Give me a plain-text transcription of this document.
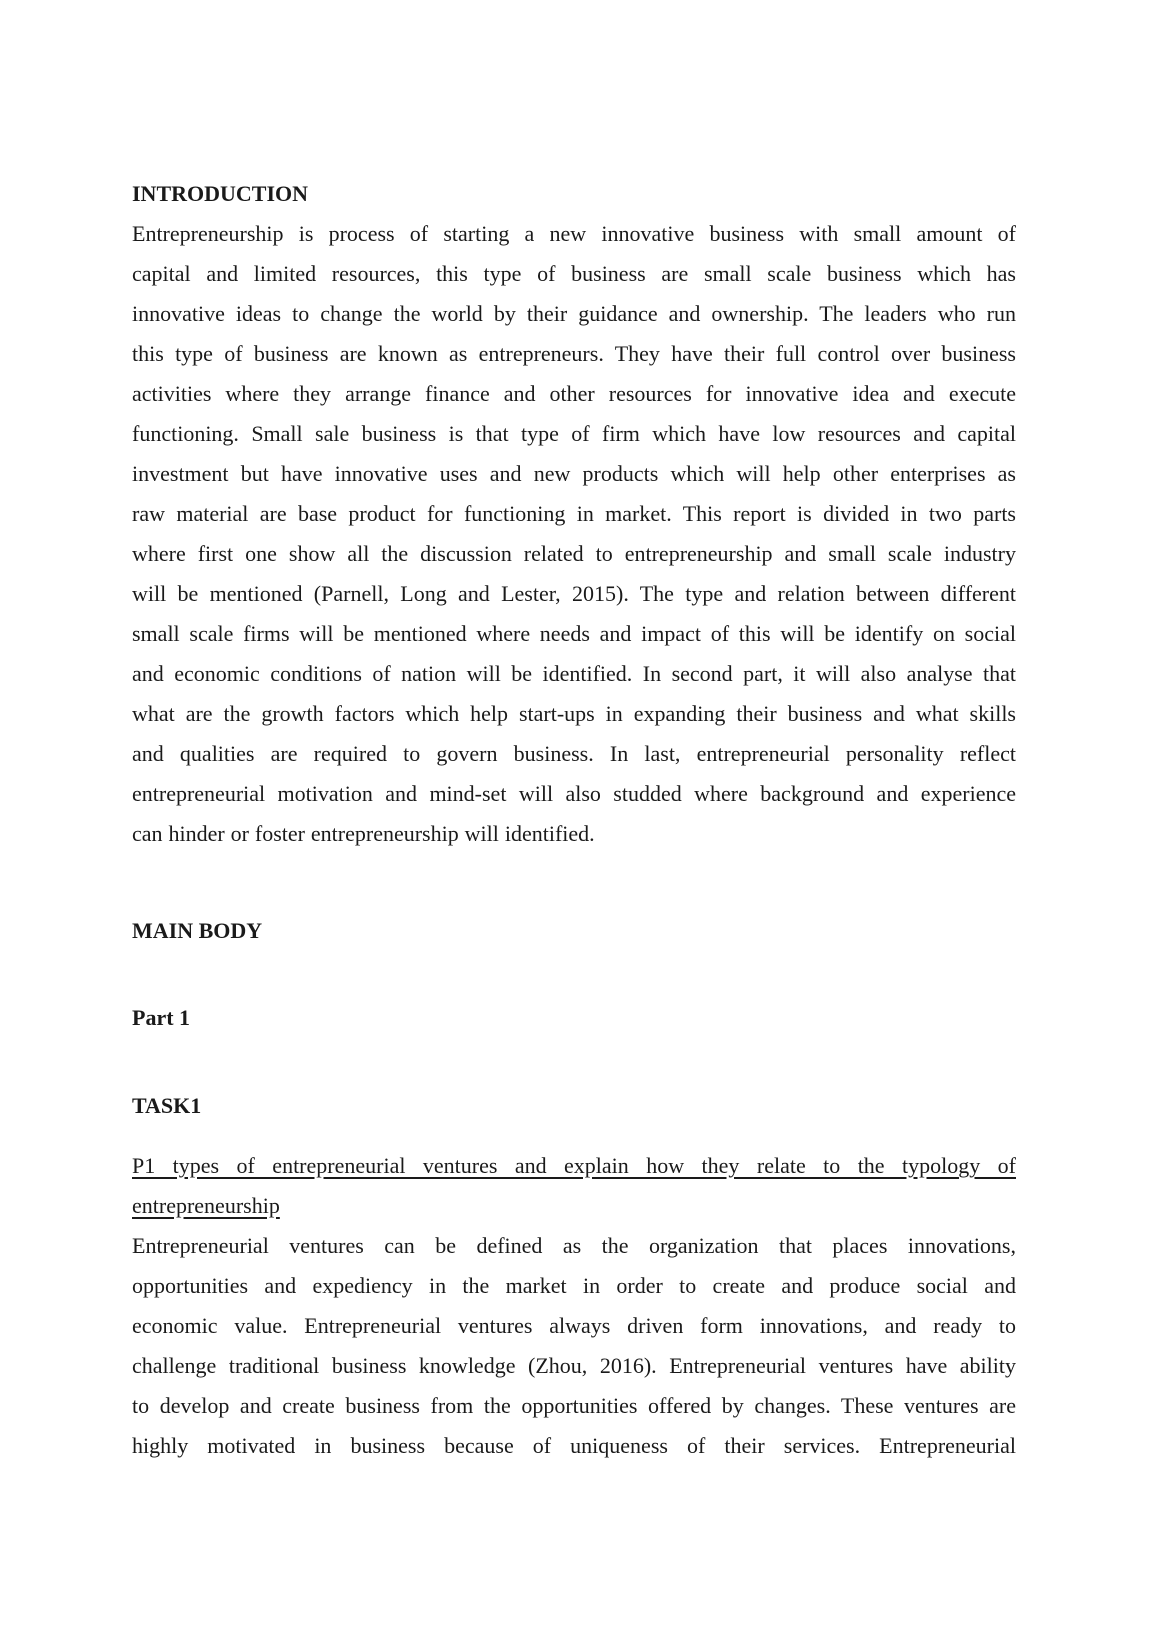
INTRODUCTION
Entrepreneurship is process of starting a new innovative business with small amount of
capital and limited resources, this type of business are small scale business which has
innovative ideas to change the world by their guidance and ownership. The leaders who run
this type of business are known as entrepreneurs. They have their full control over business
activities where they arrange finance and other resources for innovative idea and execute
functioning. Small sale business is that type of firm which have low resources and capital
investment but have innovative uses and new products which will help other enterprises as
raw material are base product for functioning in market. This report is divided in two parts
where first one show all the discussion related to entrepreneurship and small scale industry
will be mentioned (Parnell, Long and Lester, 2015). The type and relation between different
small scale firms will be mentioned where needs and impact of this will be identify on social
and economic conditions of nation will be identified. In second part, it will also analyse that
what are the growth factors which help start-ups in expanding their business and what skills
and qualities are required to govern business. In last, entrepreneurial personality reflect
entrepreneurial motivation and mind-set will also studded where background and experience
can hinder or foster entrepreneurship will identified.
MAIN BODY
Part 1
TASK1
P1 types of entrepreneurial ventures and explain how they relate to the typology of
entrepreneurship
Entrepreneurial ventures can be defined as the organization that places innovations,
opportunities and expediency in the market in order to create and produce social and
economic value. Entrepreneurial ventures always driven form innovations, and ready to
challenge traditional business knowledge (Zhou, 2016). Entrepreneurial ventures have ability
to develop and create business from the opportunities offered by changes. These ventures are
highly motivated in business because of uniqueness of their services. Entrepreneurial
